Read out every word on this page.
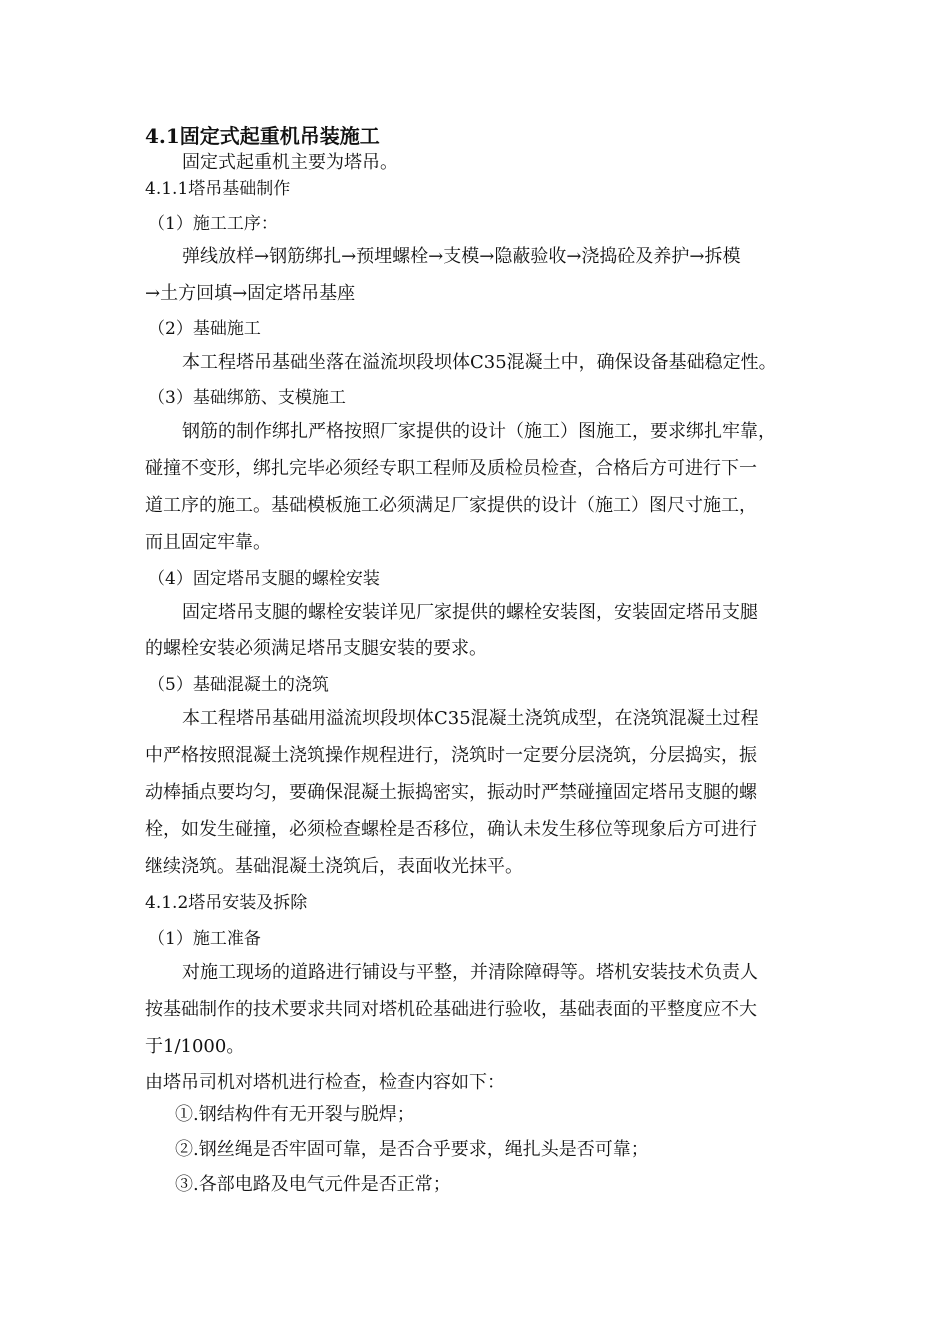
4.1固定式起重机吊装施工
固定式起重机主要为塔吊。
4.1.1塔吊基础制作
（1）施工工序：
弹线放样→钢筋绑扎→预埋螺栓→支模→隐蔽验收→浇捣砼及养护→拆模
→土方回填→固定塔吊基座
（2）基础施工
本工程塔吊基础坐落在溢流坝段坝体C35混凝土中，确保设备基础稳定性。
（3）基础绑筋、支模施工
钢筋的制作绑扎严格按照厂家提供的设计（施工）图施工，要求绑扎牢靠，
碰撞不变形，绑扎完毕必须经专职工程师及质检员检查，合格后方可进行下一
道工序的施工。基础模板施工必须满足厂家提供的设计（施工）图尺寸施工，
而且固定牢靠。
（4）固定塔吊支腿的螺栓安装
固定塔吊支腿的螺栓安装详见厂家提供的螺栓安装图，安装固定塔吊支腿
的螺栓安装必须满足塔吊支腿安装的要求。
（5）基础混凝土的浇筑
本工程塔吊基础用溢流坝段坝体C35混凝土浇筑成型，在浇筑混凝土过程
中严格按照混凝土浇筑操作规程进行，浇筑时一定要分层浇筑，分层捣实，振
动棒插点要均匀，要确保混凝土振捣密实，振动时严禁碰撞固定塔吊支腿的螺
栓，如发生碰撞，必须检查螺栓是否移位，确认未发生移位等现象后方可进行
继续浇筑。基础混凝土浇筑后，表面收光抹平。
4.1.2塔吊安装及拆除
（1）施工准备
对施工现场的道路进行铺设与平整，并清除障碍等。塔机安装技术负责人
按基础制作的技术要求共同对塔机砼基础进行验收，基础表面的平整度应不大
于1/1000。
由塔吊司机对塔机进行检查，检查内容如下：
①.钢结构件有无开裂与脱焊；
②.钢丝绳是否牢固可靠，是否合乎要求，绳扎头是否可靠；
③.各部电路及电气元件是否正常；
